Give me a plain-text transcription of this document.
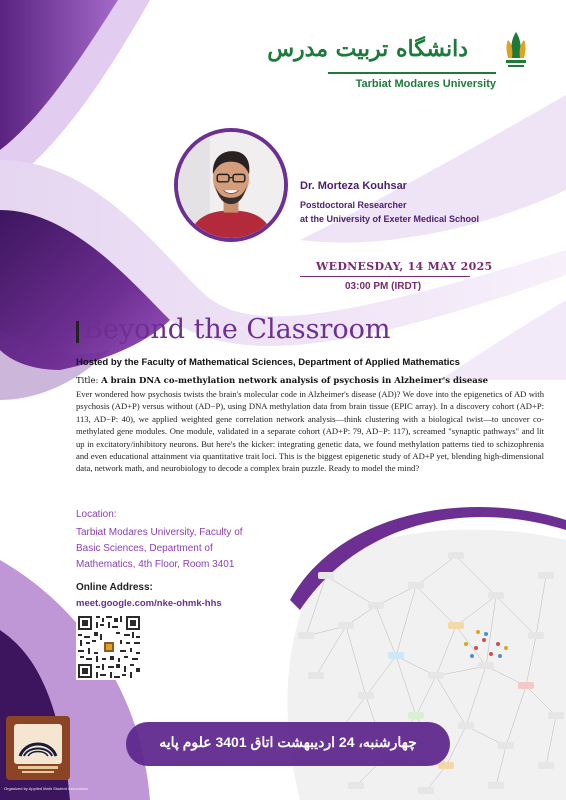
دانشگاه تربیت مدرس
Tarbiat Modares University
Dr. Morteza Kouhsar
Postdoctoral Researcher
at the University of Exeter Medical School
WEDNESDAY, 14 MAY 2025
03:00 PM (IRDT)
Beyond the Classroom
Hosted by the Faculty of Mathematical Sciences, Department of Applied Mathematics
Title: A brain DNA co-methylation network analysis of psychosis in Alzheimer's disease
Ever wondered how psychosis twists the brain's molecular code in Alzheimer's disease (AD)? We dove into the epigenetics of AD with psychosis (AD+P) versus without (AD−P), using DNA methylation data from brain tissue (EPIC array). In a discovery cohort (AD+P: 113, AD−P: 40), we applied weighted gene correlation network analysis—think clustering with a biological twist—to uncover co-methylated gene modules. One module, validated in a separate cohort (AD+P: 79, AD−P: 117), screamed "synaptic pathways" and lit up in excitatory/inhibitory neurons. But here's the kicker: integrating genetic data, we found methylation patterns tied to schizophrenia and even educational attainment via quantitative trait loci. This is the biggest epigenetic study of AD+P yet, blending high-dimensional data, network math, and neurobiology to decode a complex brain puzzle. Ready to model the mind?
Location:
Tarbiat Modares University, Faculty of
Basic Sciences, Department of
Mathematics, 4th Floor, Room 3401
Online Address:
meet.google.com/nke-ohmk-hhs
Organized by Applied Math Student Association
چهارشنبه، 24 اردیبهشت اتاق 3401 علوم پایه
